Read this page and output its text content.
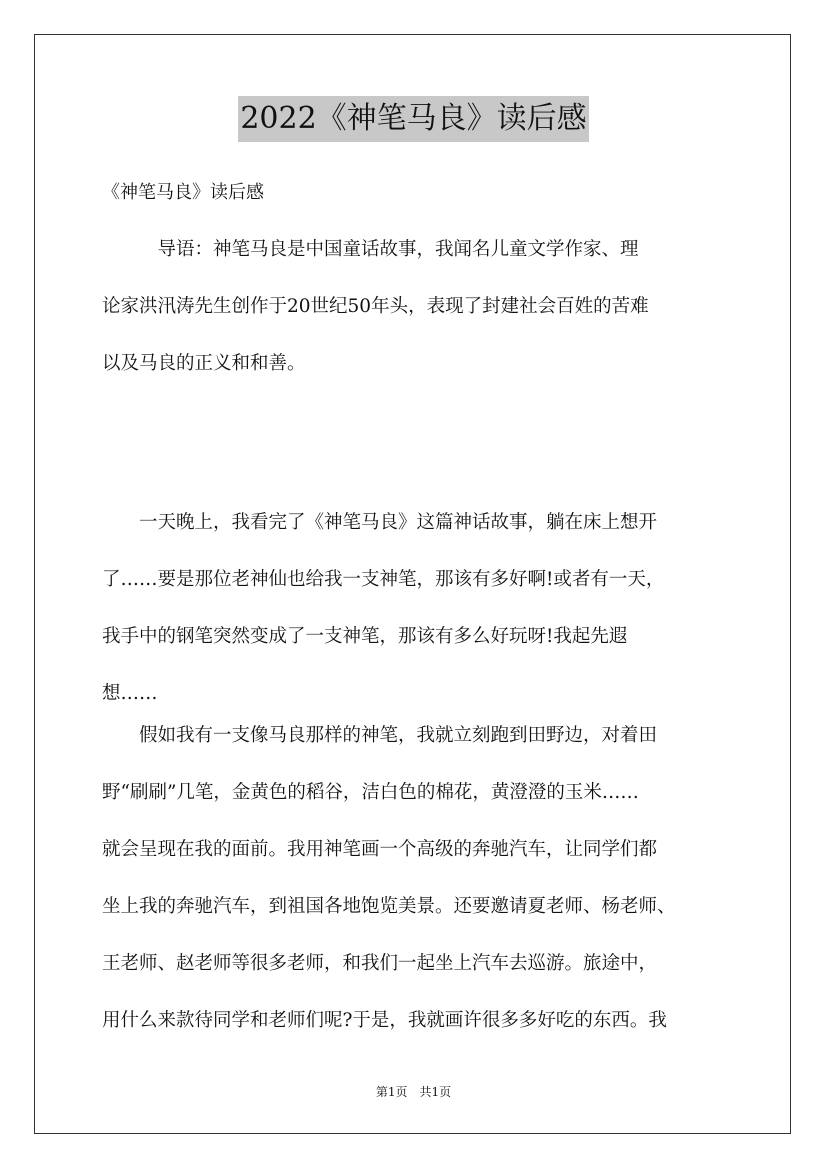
2022《神笔马良》读后感
《神笔马良》读后感
　　　导语：神笔马良是中国童话故事，我闻名儿童文学作家、理
论家洪汛涛先生创作于20世纪50年头，表现了封建社会百姓的苦难
以及马良的正义和和善。
　　一天晚上，我看完了《神笔马良》这篇神话故事，躺在床上想开
了……要是那位老神仙也给我一支神笔，那该有多好啊!或者有一天，
我手中的钢笔突然变成了一支神笔，那该有多么好玩呀!我起先遐
想……
　　假如我有一支像马良那样的神笔，我就立刻跑到田野边，对着田
野“刷刷”几笔，金黄色的稻谷，洁白色的棉花，黄澄澄的玉米……
就会呈现在我的面前。我用神笔画一个高级的奔驰汽车，让同学们都
坐上我的奔驰汽车，到祖国各地饱览美景。还要邀请夏老师、杨老师、
王老师、赵老师等很多老师，和我们一起坐上汽车去巡游。旅途中，
用什么来款待同学和老师们呢?于是，我就画许很多多好吃的东西。我
第1页　共1页
